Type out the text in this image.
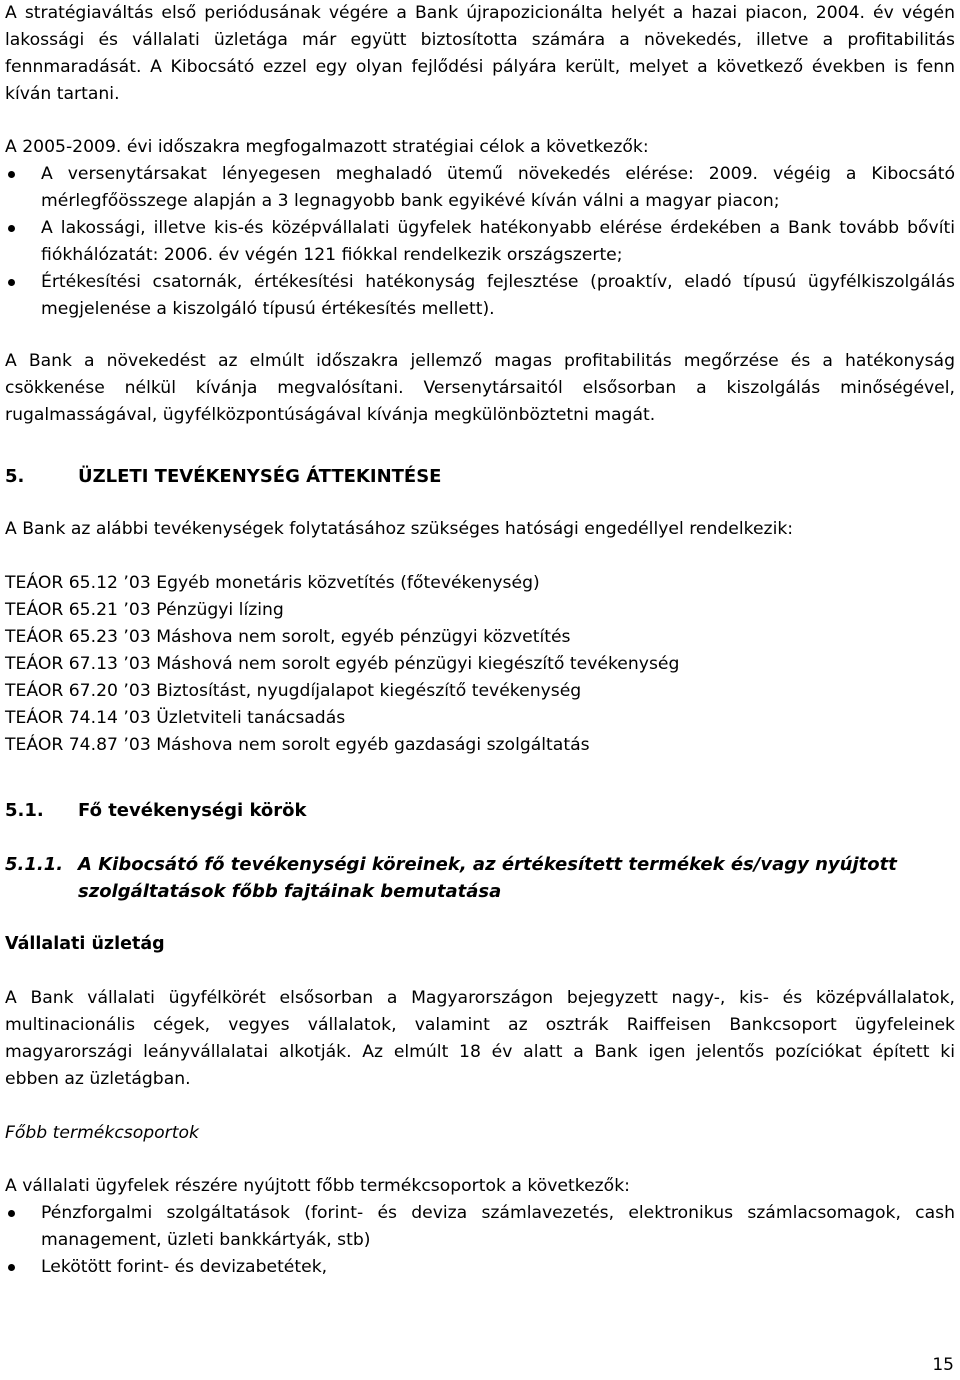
A stratégiaváltás első periódusának végére a Bank újrapozicionálta helyét a hazai piacon, 2004. év végén
lakossági és vállalati üzletága már együtt biztosította számára a növekedés, illetve a profitabilitás
fennmaradását. A Kibocsátó ezzel egy olyan fejlődési pályára került, melyet a következő években is fenn
kíván tartani.
A 2005-2009. évi időszakra megfogalmazott stratégiai célok a következők:
A versenytársakat lényegesen meghaladó ütemű növekedés elérése: 2009. végéig a Kibocsátó
mérlegfőösszege alapján a 3 legnagyobb bank egyikévé kíván válni a magyar piacon;
A lakossági, illetve kis-és középvállalati ügyfelek hatékonyabb elérése érdekében a Bank tovább bővíti
fiókhálózatát: 2006. év végén 121 fiókkal rendelkezik országszerte;
Értékesítési csatornák, értékesítési hatékonyság fejlesztése (proaktív, eladó típusú ügyfélkiszolgálás
megjelenése a kiszolgáló típusú értékesítés mellett).
A Bank a növekedést az elmúlt időszakra jellemző magas profitabilitás megőrzése és a hatékonyság
csökkenése nélkül kívánja megvalósítani. Versenytársaitól elsősorban a kiszolgálás minőségével,
rugalmasságával, ügyfélközpontúságával kívánja megkülönböztetni magát.
5.	ÜZLETI TEVÉKENYSÉG ÁTTEKINTÉSE
A Bank az alábbi tevékenységek folytatásához szükséges hatósági engedéllyel rendelkezik:
TEÁOR 65.12 ’03 Egyéb monetáris közvetítés (főtevékenység)
TEÁOR 65.21 ’03 Pénzügyi lízing
TEÁOR 65.23 ’03 Máshova nem sorolt, egyéb pénzügyi közvetítés
TEÁOR 67.13 ’03 Máshová nem sorolt egyéb pénzügyi kiegészítő tevékenység
TEÁOR 67.20 ’03 Biztosítást, nyugdíjalapot kiegészítő tevékenység
TEÁOR 74.14 ’03 Üzletviteli tanácsadás
TEÁOR 74.87 ’03 Máshova nem sorolt egyéb gazdasági szolgáltatás
5.1. Fő tevékenységi körök
5.1.1. A Kibocsátó fő tevékenységi köreinek, az értékesített termékek és/vagy nyújtott
szolgáltatások főbb fajtáinak bemutatása
Vállalati üzletág
A Bank vállalati ügyfélkörét elsősorban a Magyarországon bejegyzett nagy-, kis- és középvállalatok,
multinacionális cégek, vegyes vállalatok, valamint az osztrák Raiffeisen Bankcsoport ügyfeleinek
magyarországi leányvállalatai alkotják. Az elmúlt 18 év alatt a Bank igen jelentős pozíciókat épített ki
ebben az üzletágban.
Főbb termékcsoportok
A vállalati ügyfelek részére nyújtott főbb termékcsoportok a következők:
Pénzforgalmi szolgáltatások (forint- és deviza számlavezetés, elektronikus számlacsomagok, cash
management, üzleti bankkártyák, stb)
Lekötött forint- és devizabetétek,
15
